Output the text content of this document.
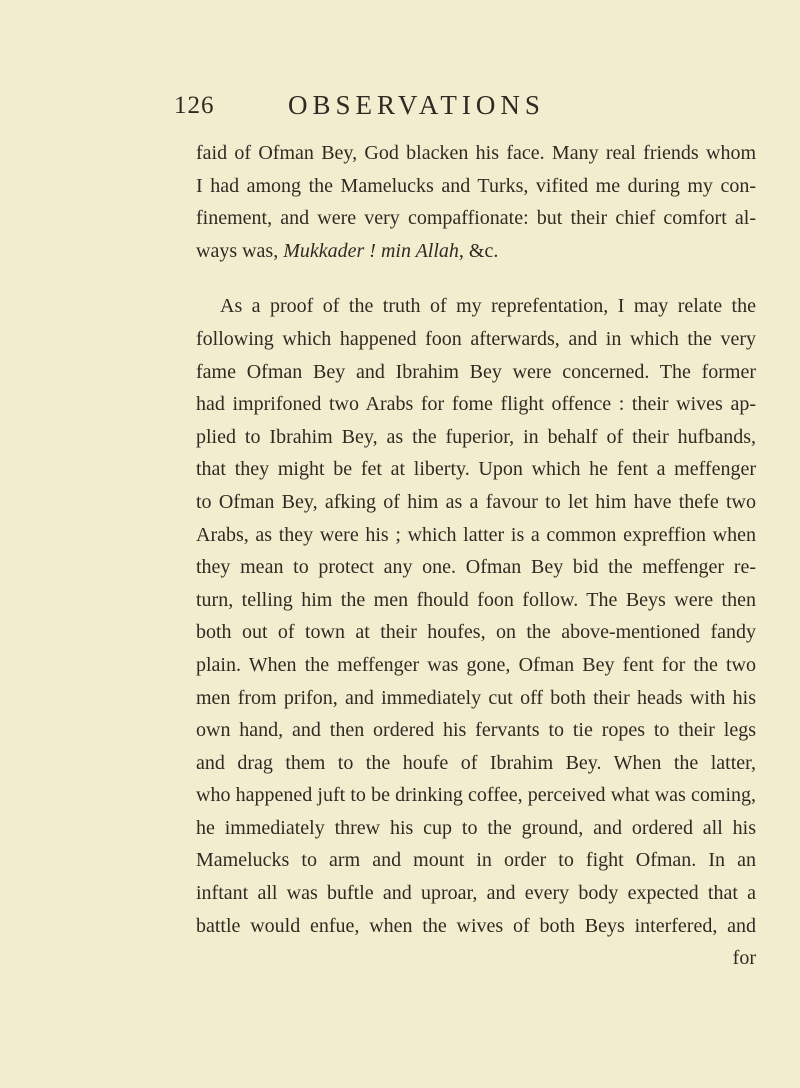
126	OBSERVATIONS
faid of Ofman Bey, God blacken his face. Many real friends whom
I had among the Mamelucks and Turks, vifited me during my con-
finement, and were very compaffionate: but their chief comfort al-
ways was, Mukkader ! min Allah, &c.
As a proof of the truth of my reprefentation, I may relate the
following which happened foon afterwards, and in which the very
fame Ofman Bey and Ibrahim Bey were concerned. The former
had imprifoned two Arabs for fome flight offence : their wives ap-
plied to Ibrahim Bey, as the fuperior, in behalf of their hufbands,
that they might be fet at liberty. Upon which he fent a meffenger
to Ofman Bey, afking of him as a favour to let him have thefe two
Arabs, as they were his ; which latter is a common expreffion when
they mean to protect any one. Ofman Bey bid the meffenger re-
turn, telling him the men fhould foon follow. The Beys were then
both out of town at their houfes, on the above-mentioned fandy
plain. When the meffenger was gone, Ofman Bey fent for the two
men from prifon, and immediately cut off both their heads with his
own hand, and then ordered his fervants to tie ropes to their legs
and drag them to the houfe of Ibrahim Bey. When the latter,
who happened juft to be drinking coffee, perceived what was coming,
he immediately threw his cup to the ground, and ordered all his
Mamelucks to arm and mount in order to fight Ofman. In an
inftant all was buftle and uproar, and every body expected that a
battle would enfue, when the wives of both Beys interfered, and
for
